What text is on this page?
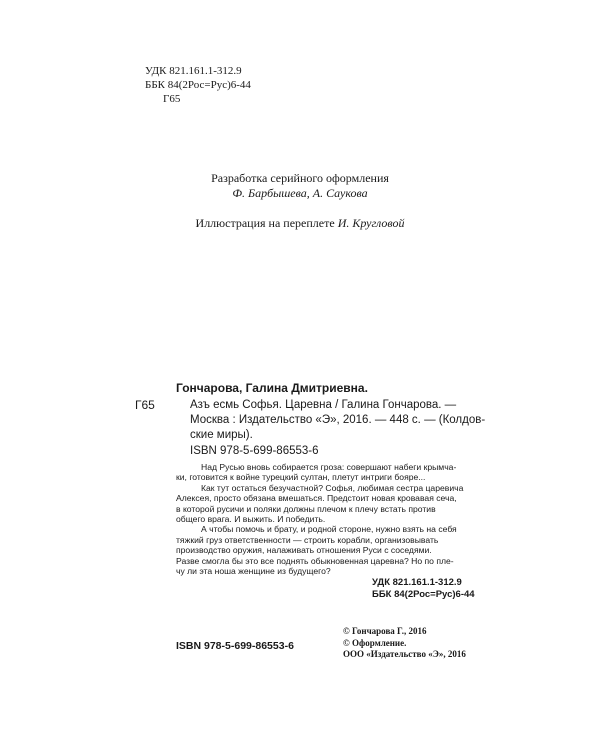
УДК 821.161.1-312.9
ББК 84(2Рос=Рус)6-44
Г65
Разработка серийного оформления
Ф. Барбышева, А. Саукова
Иллюстрация на переплете И. Кругловой
Гончарова, Галина Дмитриевна.
Г65	Азъ есмь Софья. Царевна / Галина Гончарова. —
Москва : Издательство «Э», 2016. — 448 с. — (Колдов-
ские миры).
ISBN 978-5-699-86553-6
Над Русью вновь собирается гроза: совершают набеги крымча-
ки, готовится к войне турецкий султан, плетут интриги бояре...
Как тут остаться безучастной? Софья, любимая сестра царевича
Алексея, просто обязана вмешаться. Предстоит новая кровавая сеча,
в которой русичи и поляки должны плечом к плечу встать против
общего врага. И выжить. И победить.
А чтобы помочь и брату, и родной стороне, нужно взять на себя
тяжкий груз ответственности — строить корабли, организовывать
производство оружия, налаживать отношения Руси с соседями.
Разве смогла бы это все поднять обыкновенная царевна? Но по пле-
чу ли эта ноша женщине из будущего?
УДК 821.161.1-312.9
ББК 84(2Рос=Рус)6-44
ISBN 978-5-699-86553-6
© Гончарова Г., 2016
© Оформление.
ООО «Издательство «Э», 2016
